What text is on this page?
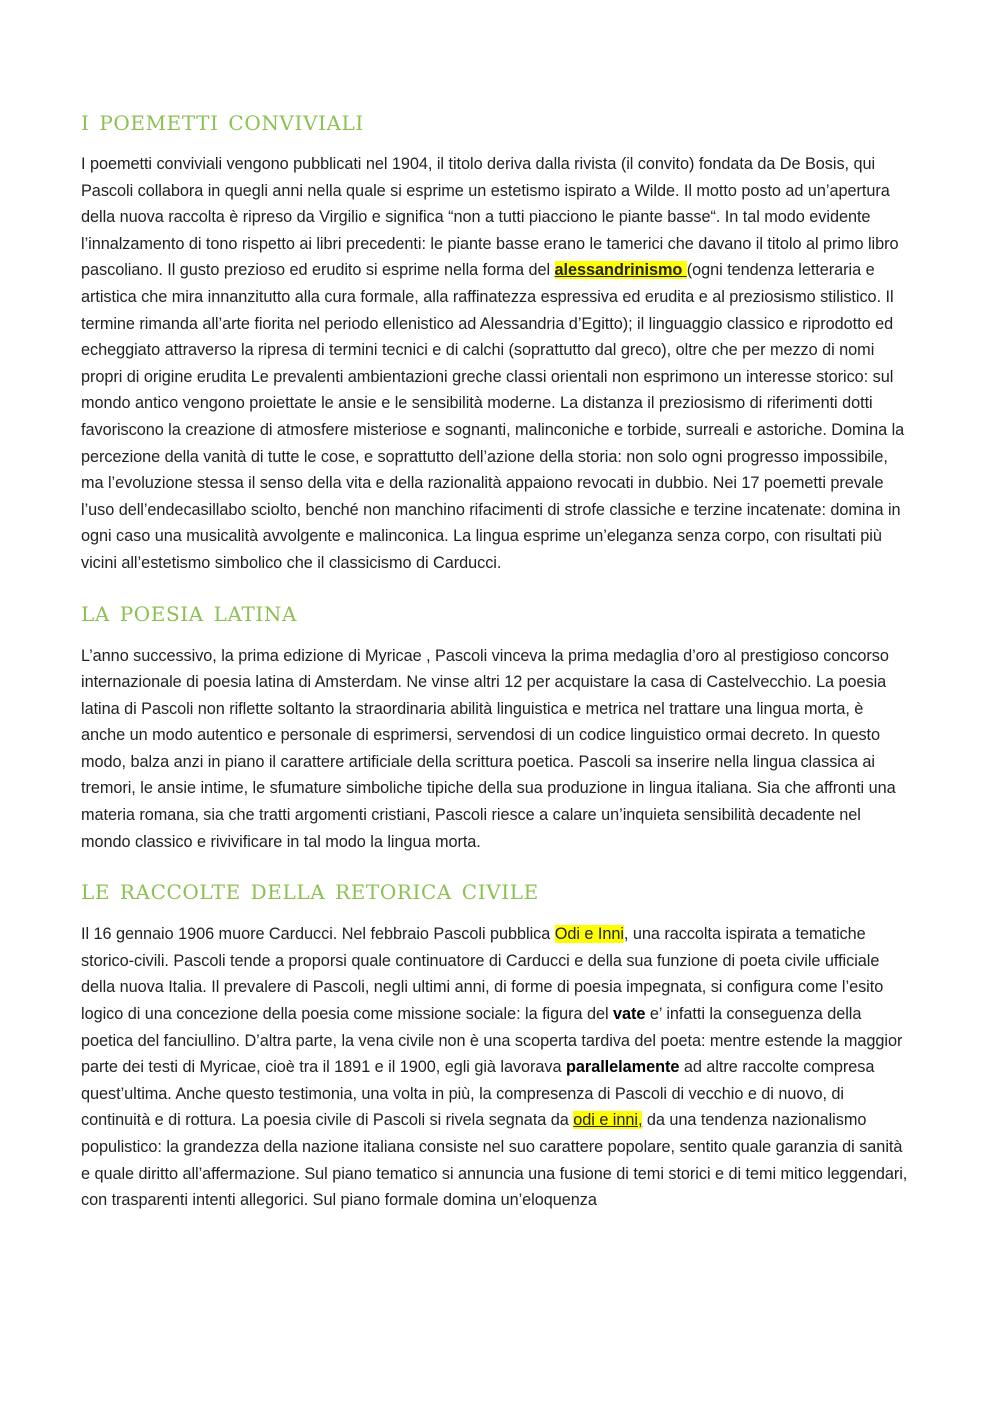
i poemetti conviviali

I poemetti conviviali vengono pubblicati nel 1904, il titolo deriva dalla rivista (il convito) fondata da De Bosis, qui Pascoli collabora in quegli anni nella quale si esprime un estetismo ispirato a Wilde. Il motto posto ad un’apertura della nuova raccolta è ripreso da Virgilio e significa “non a tutti piacciono le piante basse“. In tal modo evidente l’innalzamento di tono rispetto ai libri precedenti: le piante basse erano le tamerici che davano il titolo al primo libro pascoliano. Il gusto prezioso ed erudito si esprime nella forma del alessandrinismo (ogni tendenza letteraria e artistica che mira innanzitutto alla cura formale, alla raffinatezza espressiva ed erudita e al preziosismo stilistico. Il termine rimanda all’arte fiorita nel periodo ellenistico ad Alessandria d’Egitto); il linguaggio classico e riprodotto ed echeggiato attraverso la ripresa di termini tecnici e di calchi (soprattutto dal greco), oltre che per mezzo di nomi propri di origine erudita Le prevalenti ambientazioni greche classi orientali non esprimono un interesse storico: sul mondo antico vengono proiettate le ansie e le sensibilità moderne. La distanza il preziosismo di riferimenti dotti favoriscono la creazione di atmosfere misteriose e sognanti, malinconiche e torbide, surreali e astoriche. Domina la percezione della vanità di tutte le cose, e soprattutto dell’azione della storia: non solo ogni progresso impossibile, ma l’evoluzione stessa il senso della vita e della razionalità appaiono revocati in dubbio. Nei 17 poemetti prevale l’uso dell’endecasillabo sciolto, benché non manchino rifacimenti di strofe classiche e terzine incatenate: domina in ogni caso una musicalità avvolgente e malinconica. La lingua esprime un’eleganza senza corpo, con risultati più vicini all’estetismo simbolico che il classicismo di Carducci.

la poesia latina

L’anno successivo, la prima edizione di Myricae , Pascoli vinceva la prima medaglia d’oro al prestigioso concorso internazionale di poesia latina di Amsterdam. Ne vinse altri 12 per acquistare la casa di Castelvecchio. La poesia latina di Pascoli non riflette soltanto la straordinaria abilità linguistica e metrica nel trattare una lingua morta, è anche un modo autentico e personale di esprimersi, servendosi di un codice linguistico ormai decreto. In questo modo, balza anzi in piano il carattere artificiale della scrittura poetica. Pascoli sa inserire nella lingua classica ai tremori, le ansie intime, le sfumature simboliche tipiche della sua produzione in lingua italiana. Sia che affronti una materia romana, sia che tratti argomenti cristiani, Pascoli riesce a calare un’inquieta sensibilità decadente nel mondo classico e rivivificare in tal modo la lingua morta.

le raccolte della retorica civile

Il 16 gennaio 1906 muore Carducci. Nel febbraio Pascoli pubblica Odi e Inni, una raccolta ispirata a tematiche storico-civili. Pascoli tende a proporsi quale continuatore di Carducci e della sua funzione di poeta civile ufficiale della nuova Italia. Il prevalere di Pascoli, negli ultimi anni, di forme di poesia impegnata, si configura come l’esito logico di una concezione della poesia come missione sociale: la figura del vate e’ infatti la conseguenza della poetica del fanciullino. D’altra parte, la vena civile non è una scoperta tardiva del poeta: mentre estende la maggior parte dei testi di Myricae, cioè tra il 1891 e il 1900, egli già lavorava parallelamente ad altre raccolte compresa quest’ultima. Anche questo testimonia, una volta in più, la compresenza di Pascoli di vecchio e di nuovo, di continuità e di rottura. La poesia civile di Pascoli si rivela segnata da odi e inni, da una tendenza nazionalismo populistico: la grandezza della nazione italiana consiste nel suo carattere popolare, sentito quale garanzia di sanità e quale diritto all’affermazione. Sul piano tematico si annuncia una fusione di temi storici e di temi mitico leggendari, con trasparenti intenti allegorici. Sul piano formale domina un’eloquenza
